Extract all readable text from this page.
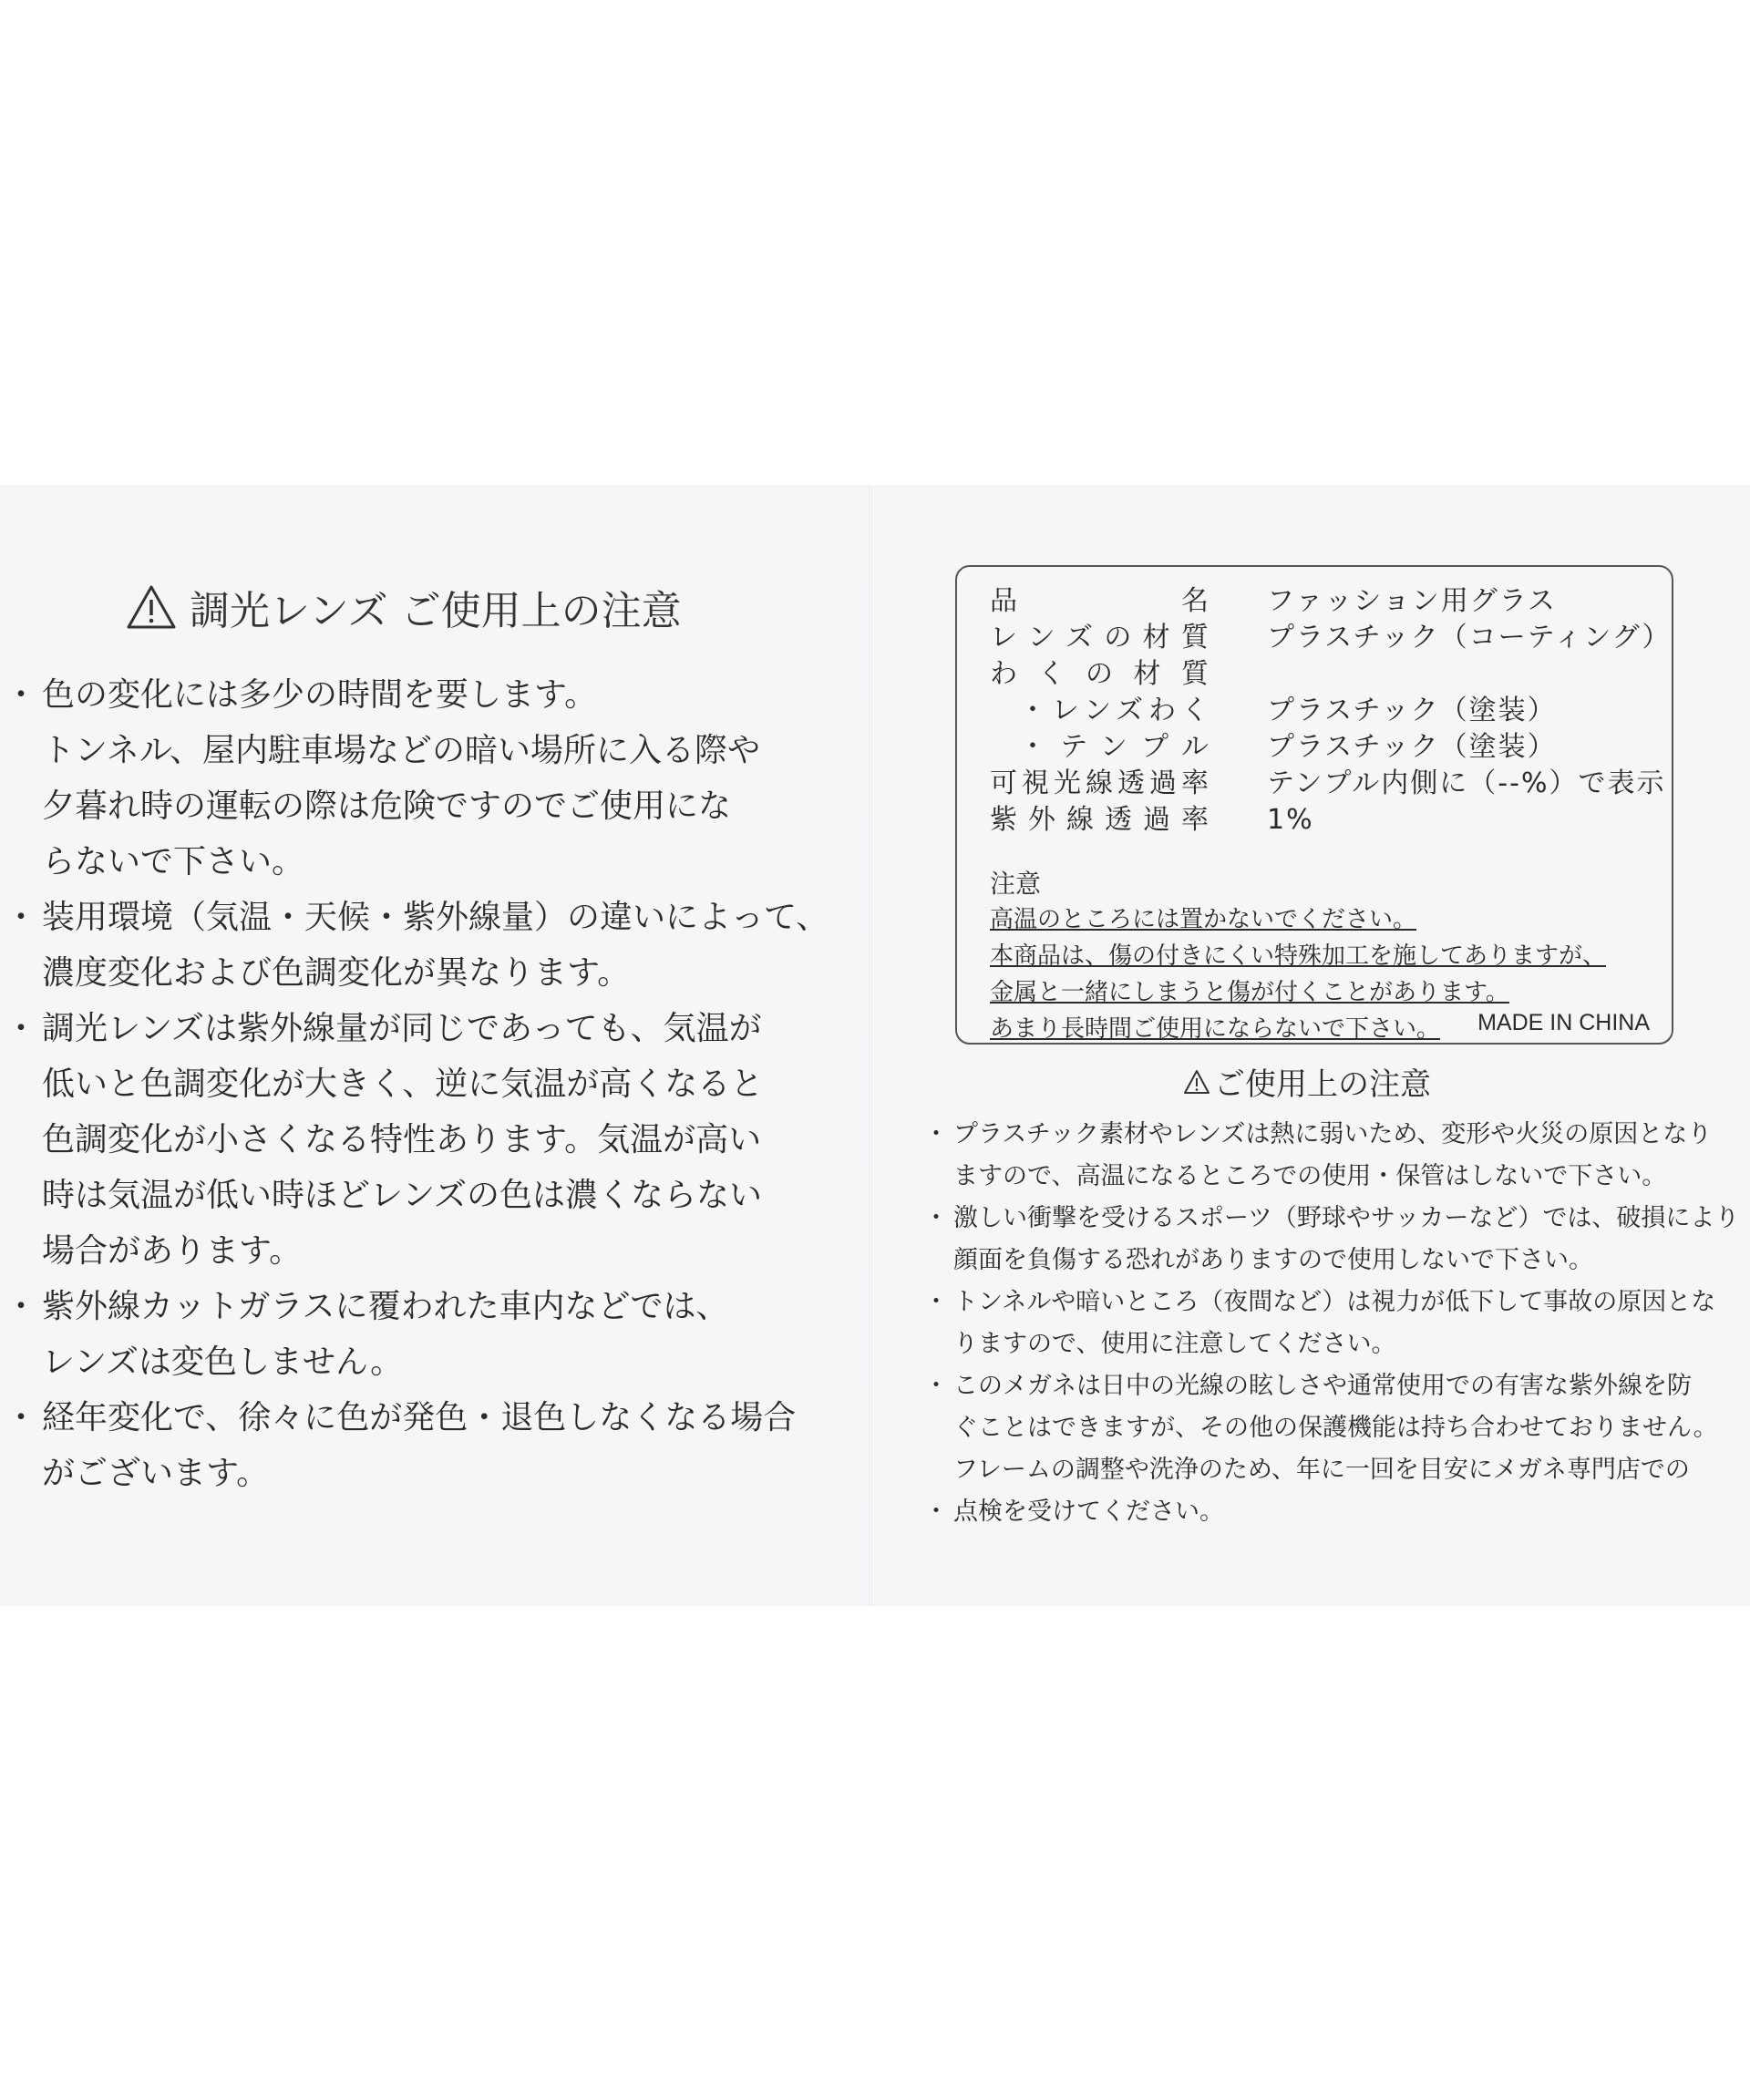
調光レンズ ご使用上の注意
・ 色の変化には多少の時間を要します。
トンネル、屋内駐車場などの暗い場所に入る際や
夕暮れ時の運転の際は危険ですのでご使用にな
らないで下さい。
・ 装用環境（気温・天候・紫外線量）の違いによって、
濃度変化および色調変化が異なります。
・ 調光レンズは紫外線量が同じであっても、気温が
低いと色調変化が大きく、逆に気温が高くなると
色調変化が小さくなる特性あります。気温が高い
時は気温が低い時ほどレンズの色は濃くならない
場合があります。
・ 紫外線カットガラスに覆われた車内などでは、
レンズは変色しません。
・ 経年変化で、徐々に色が発色・退色しなくなる場合
がございます。
品名 ファッション用グラス
レンズの材質 プラスチック（コーティング）
わくの材質
・レンズわく プラスチック（塗装）
・テンプル プラスチック（塗装）
可視光線透過率 テンプル内側に（--%）で表示
紫外線透過率 1%
注意
高温のところには置かないでください。
本商品は、傷の付きにくい特殊加工を施してありますが、
金属と一緒にしまうと傷が付くことがあります。
あまり長時間ご使用にならないで下さい。 MADE IN CHINA
ご使用上の注意
・ プラスチック素材やレンズは熱に弱いため、変形や火災の原因となり
ますので、高温になるところでの使用・保管はしないで下さい。
・ 激しい衝撃を受けるスポーツ（野球やサッカーなど）では、破損により
顔面を負傷する恐れがありますので使用しないで下さい。
・ トンネルや暗いところ（夜間など）は視力が低下して事故の原因とな
りますので、使用に注意してください。
・ このメガネは日中の光線の眩しさや通常使用での有害な紫外線を防
ぐことはできますが、その他の保護機能は持ち合わせておりません。
フレームの調整や洗浄のため、年に一回を目安にメガネ専門店での
・ 点検を受けてください。
